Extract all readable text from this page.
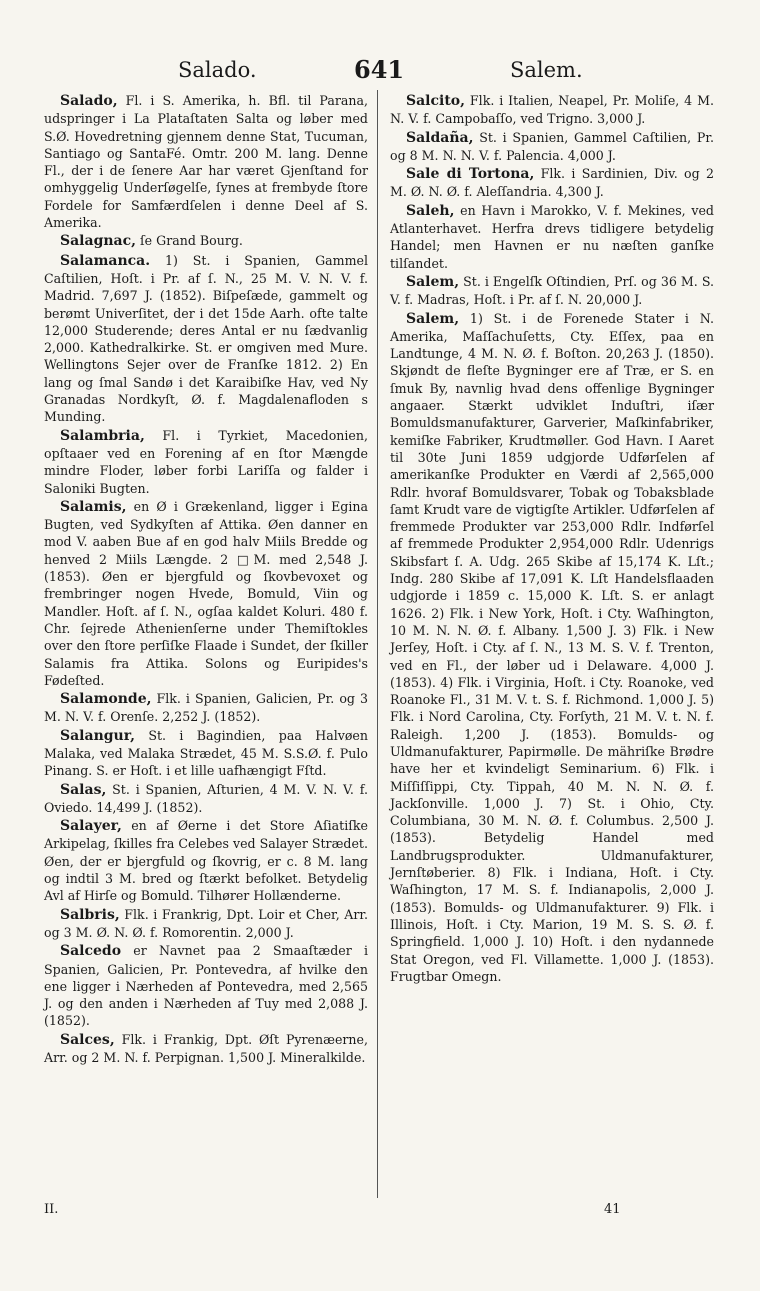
Salado.	641	Salem.

Salado, Fl. i S. Amerika, h. Bfl. til Parana, udspringer i La Plataſtaten Salta og løber med S.Ø. Hovedretning gjennem denne Stat, Tucuman, Santiago og SantaFé. Omtr. 200 M. lang. Denne Fl., der i de ſenere Aar har været Gjenſtand for omhyggelig Underſøgelſe, ſynes at frembyde ſtore Fordele for Samfærdſelen i denne Deel af S. Amerika.

Salagnac, ſe Grand Bourg.

Salamanca. 1) St. i Spanien, Gammel Caſtilien, Hoſt. i Pr. af ſ. N., 25 M. V. N. V. f. Madrid. 7,697 J. (1852). Biſpeſæde, gammelt og berømt Univerſitet, der i det 15de Aarh. ofte talte 12,000 Studerende; deres Antal er nu ſædvanlig 2,000. Kathedralkirke. St. er omgiven med Mure. Wellingtons Sejer over de Franſke 1812. 2) En lang og ſmal Sandø i det Karaibiſke Hav, ved Ny Granadas Nordkyſt, Ø. f. Magdalenafloden s Munding.

Salambria, Fl. i Tyrkiet, Macedonien, opſtaaer ved en Forening af en ſtor Mængde mindre Floder, løber forbi Lariſſa og falder i Saloniki Bugten.

Salamis, en Ø i Grækenland, ligger i Egina Bugten, ved Sydkyſten af Attika. Øen danner en mod V. aaben Bue af en god halv Miils Bredde og henved 2 Miils Længde. 2 □M. med 2,548 J. (1853). Øen er bjergfuld og ſkovbevoxet og frembringer nogen Hvede, Bomuld, Viin og Mandler. Hoſt. af ſ. N., ogſaa kaldet Koluri. 480 f. Chr. ſejrede Athenienſerne under Themiſtokles over den ſtore perſiſke Flaade i Sundet, der ſkiller Salamis fra Attika. Solons og Euripides's Fødeſted.

Salamonde, Flk. i Spanien, Galicien, Pr. og 3 M. N. V. f. Orenſe. 2,252 J. (1852).

Salangur, St. i Bagindien, paa Halvøen Malaka, ved Malaka Strædet, 45 M. S.S.Ø. f. Pulo Pinang. S. er Hoſt. i et lille uafhængigt Fſtd.

Salas, St. i Spanien, Aſturien, 4 M. V. N. V. f. Oviedo. 14,499 J. (1852).

Salayer, en af Øerne i det Store Aſiatiſke Arkipelag, ſkilles fra Celebes ved Salayer Strædet. Øen, der er bjergfuld og ſkovrig, er c. 8 M. lang og indtil 3 M. bred og ſtærkt befolket. Betydelig Avl af Hirſe og Bomuld. Tilhører Hollænderne.

Salbris, Flk. i Frankrig, Dpt. Loir et Cher, Arr. og 3 M. Ø. N. Ø. f. Romorentin. 2,000 J.

Salcedo er Navnet paa 2 Smaaſtæder i Spanien, Galicien, Pr. Pontevedra, af hvilke den ene ligger i Nærheden af Pontevedra, med 2,565 J. og den anden i Nærheden af Tuy med 2,088 J. (1852).

Salces, Flk. i Frankig, Dpt. Øſt Pyrenæerne, Arr. og 2 M. N. f. Perpignan. 1,500 J. Mineralkilde.

Salcito, Flk. i Italien, Neapel, Pr. Moliſe, 4 M. N. V. f. Campobaſſo, ved Trigno. 3,000 J.

Saldaña, St. i Spanien, Gammel Caſtilien, Pr. og 8 M. N. N. V. f. Palencia. 4,000 J.

Sale di Tortona, Flk. i Sardinien, Div. og 2 M. Ø. N. Ø. f. Aleſſandria. 4,300 J.

Saleh, en Havn i Marokko, V. f. Mekines, ved Atlanterhavet. Herfra drevs tidligere betydelig Handel; men Havnen er nu næſten ganſke tilſandet.

Salem, St. i Engelſk Oſtindien, Prſ. og 36 M. S. V. f. Madras, Hoſt. i Pr. af ſ. N. 20,000 J.

Salem, 1) St. i de Forenede Stater i N. Amerika, Maſſachuſetts, Cty. Eſſex, paa en Landtunge, 4 M. N. Ø. f. Boſton. 20,263 J. (1850). Skjøndt de fleſte Bygninger ere af Træ, er S. en ſmuk By, navnlig hvad dens offenlige Bygninger angaaer. Stærkt udviklet Induſtri, iſær Bomuldsmanufakturer, Garverier, Maſkinfabriker, kemiſke Fabriker, Krudtmøller. God Havn. I Aaret til 30te Juni 1859 udgjorde Udførſelen af amerikanſke Produkter en Værdi af 2,565,000 Rdlr. hvoraf Bomuldsvarer, Tobak og Tobaksblade ſamt Krudt vare de vigtigſte Artikler. Udførſelen af fremmede Produkter var 253,000 Rdlr. Indførſel af fremmede Produkter 2,954,000 Rdlr. Udenrigs Skibsfart ſ. A. Udg. 265 Skibe af 15,174 K. Lſt.; Indg. 280 Skibe af 17,091 K. Lſt Handelsflaaden udgjorde i 1859 c. 15,000 K. Lſt. S. er anlagt 1626. 2) Flk. i New York, Hoſt. i Cty. Waſhington, 10 M. N. N. Ø. f. Albany. 1,500 J. 3) Flk. i New Jerſey, Hoſt. i Cty. af ſ. N., 13 M. S. V. f. Trenton, ved en Fl., der løber ud i Delaware. 4,000 J. (1853). 4) Flk. i Virginia, Hoſt. i Cty. Roanoke, ved Roanoke Fl., 31 M. V. t. S. f. Richmond. 1,000 J. 5) Flk. i Nord Carolina, Cty. Forſyth, 21 M. V. t. N. f. Raleigh. 1,200 J. (1853). Bomulds- og Uldmanufakturer, Papirmølle. De mähriſke Brødre have her et kvindeligt Seminarium. 6) Flk. i Miſſiſſippi, Cty. Tippah, 40 M. N. N. Ø. f. Jackſonville. 1,000 J. 7) St. i Ohio, Cty. Columbiana, 30 M. N. Ø. f. Columbus. 2,500 J. (1853). Betydelig Handel med Landbrugsprodukter. Uldmanufakturer, Jernſtøberier. 8) Flk. i Indiana, Hoſt. i Cty. Waſhington, 17 M. S. f. Indianapolis, 2,000 J. (1853). Bomulds- og Uldmanufakturer. 9) Flk. i Illinois, Hoſt. i Cty. Marion, 19 M. S. S. Ø. f. Springfield. 1,000 J. 10) Hoſt. i den nydannede Stat Oregon, ved Fl. Villamette. 1,000 J. (1853). Frugtbar Omegn.

II.	41
